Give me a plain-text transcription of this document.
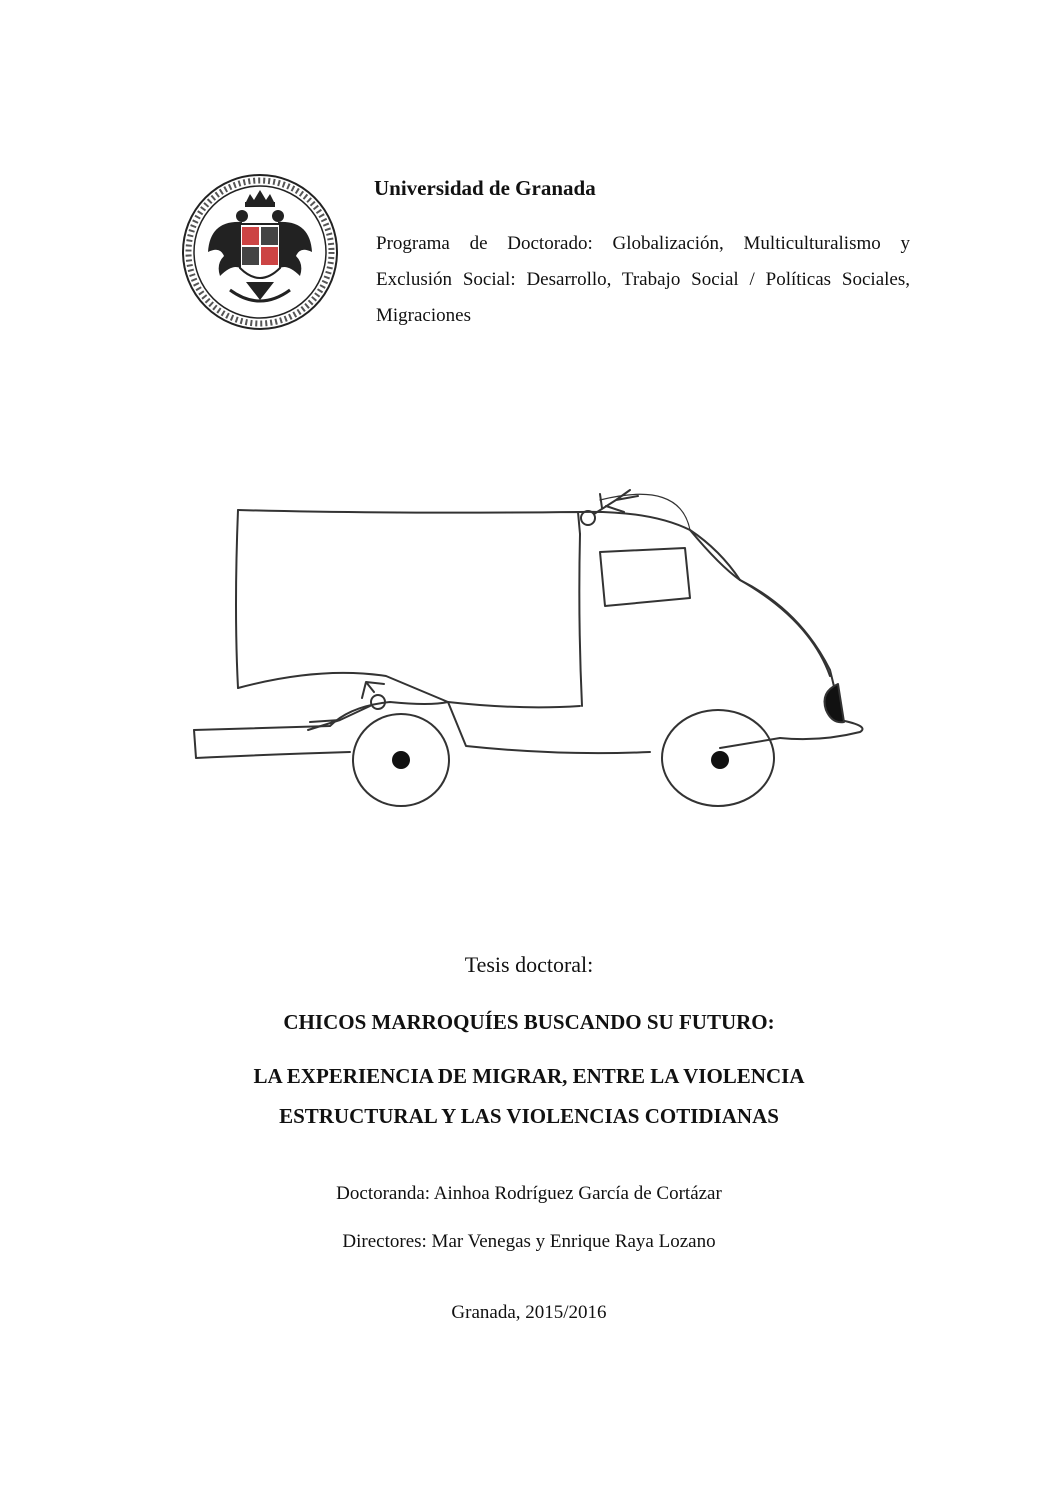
Universidad de Granada

Programa de Doctorado: Globalización, Multiculturalismo y Exclusión Social: Desarrollo, Trabajo Social / Políticas Sociales, Migraciones

Tesis doctoral:

CHICOS MARROQUÍES BUSCANDO SU FUTURO:

LA EXPERIENCIA DE MIGRAR, ENTRE LA VIOLENCIA

ESTRUCTURAL Y LAS VIOLENCIAS COTIDIANAS

Doctoranda: Ainhoa Rodríguez García de Cortázar

Directores: Mar Venegas y Enrique Raya Lozano

Granada, 2015/2016
